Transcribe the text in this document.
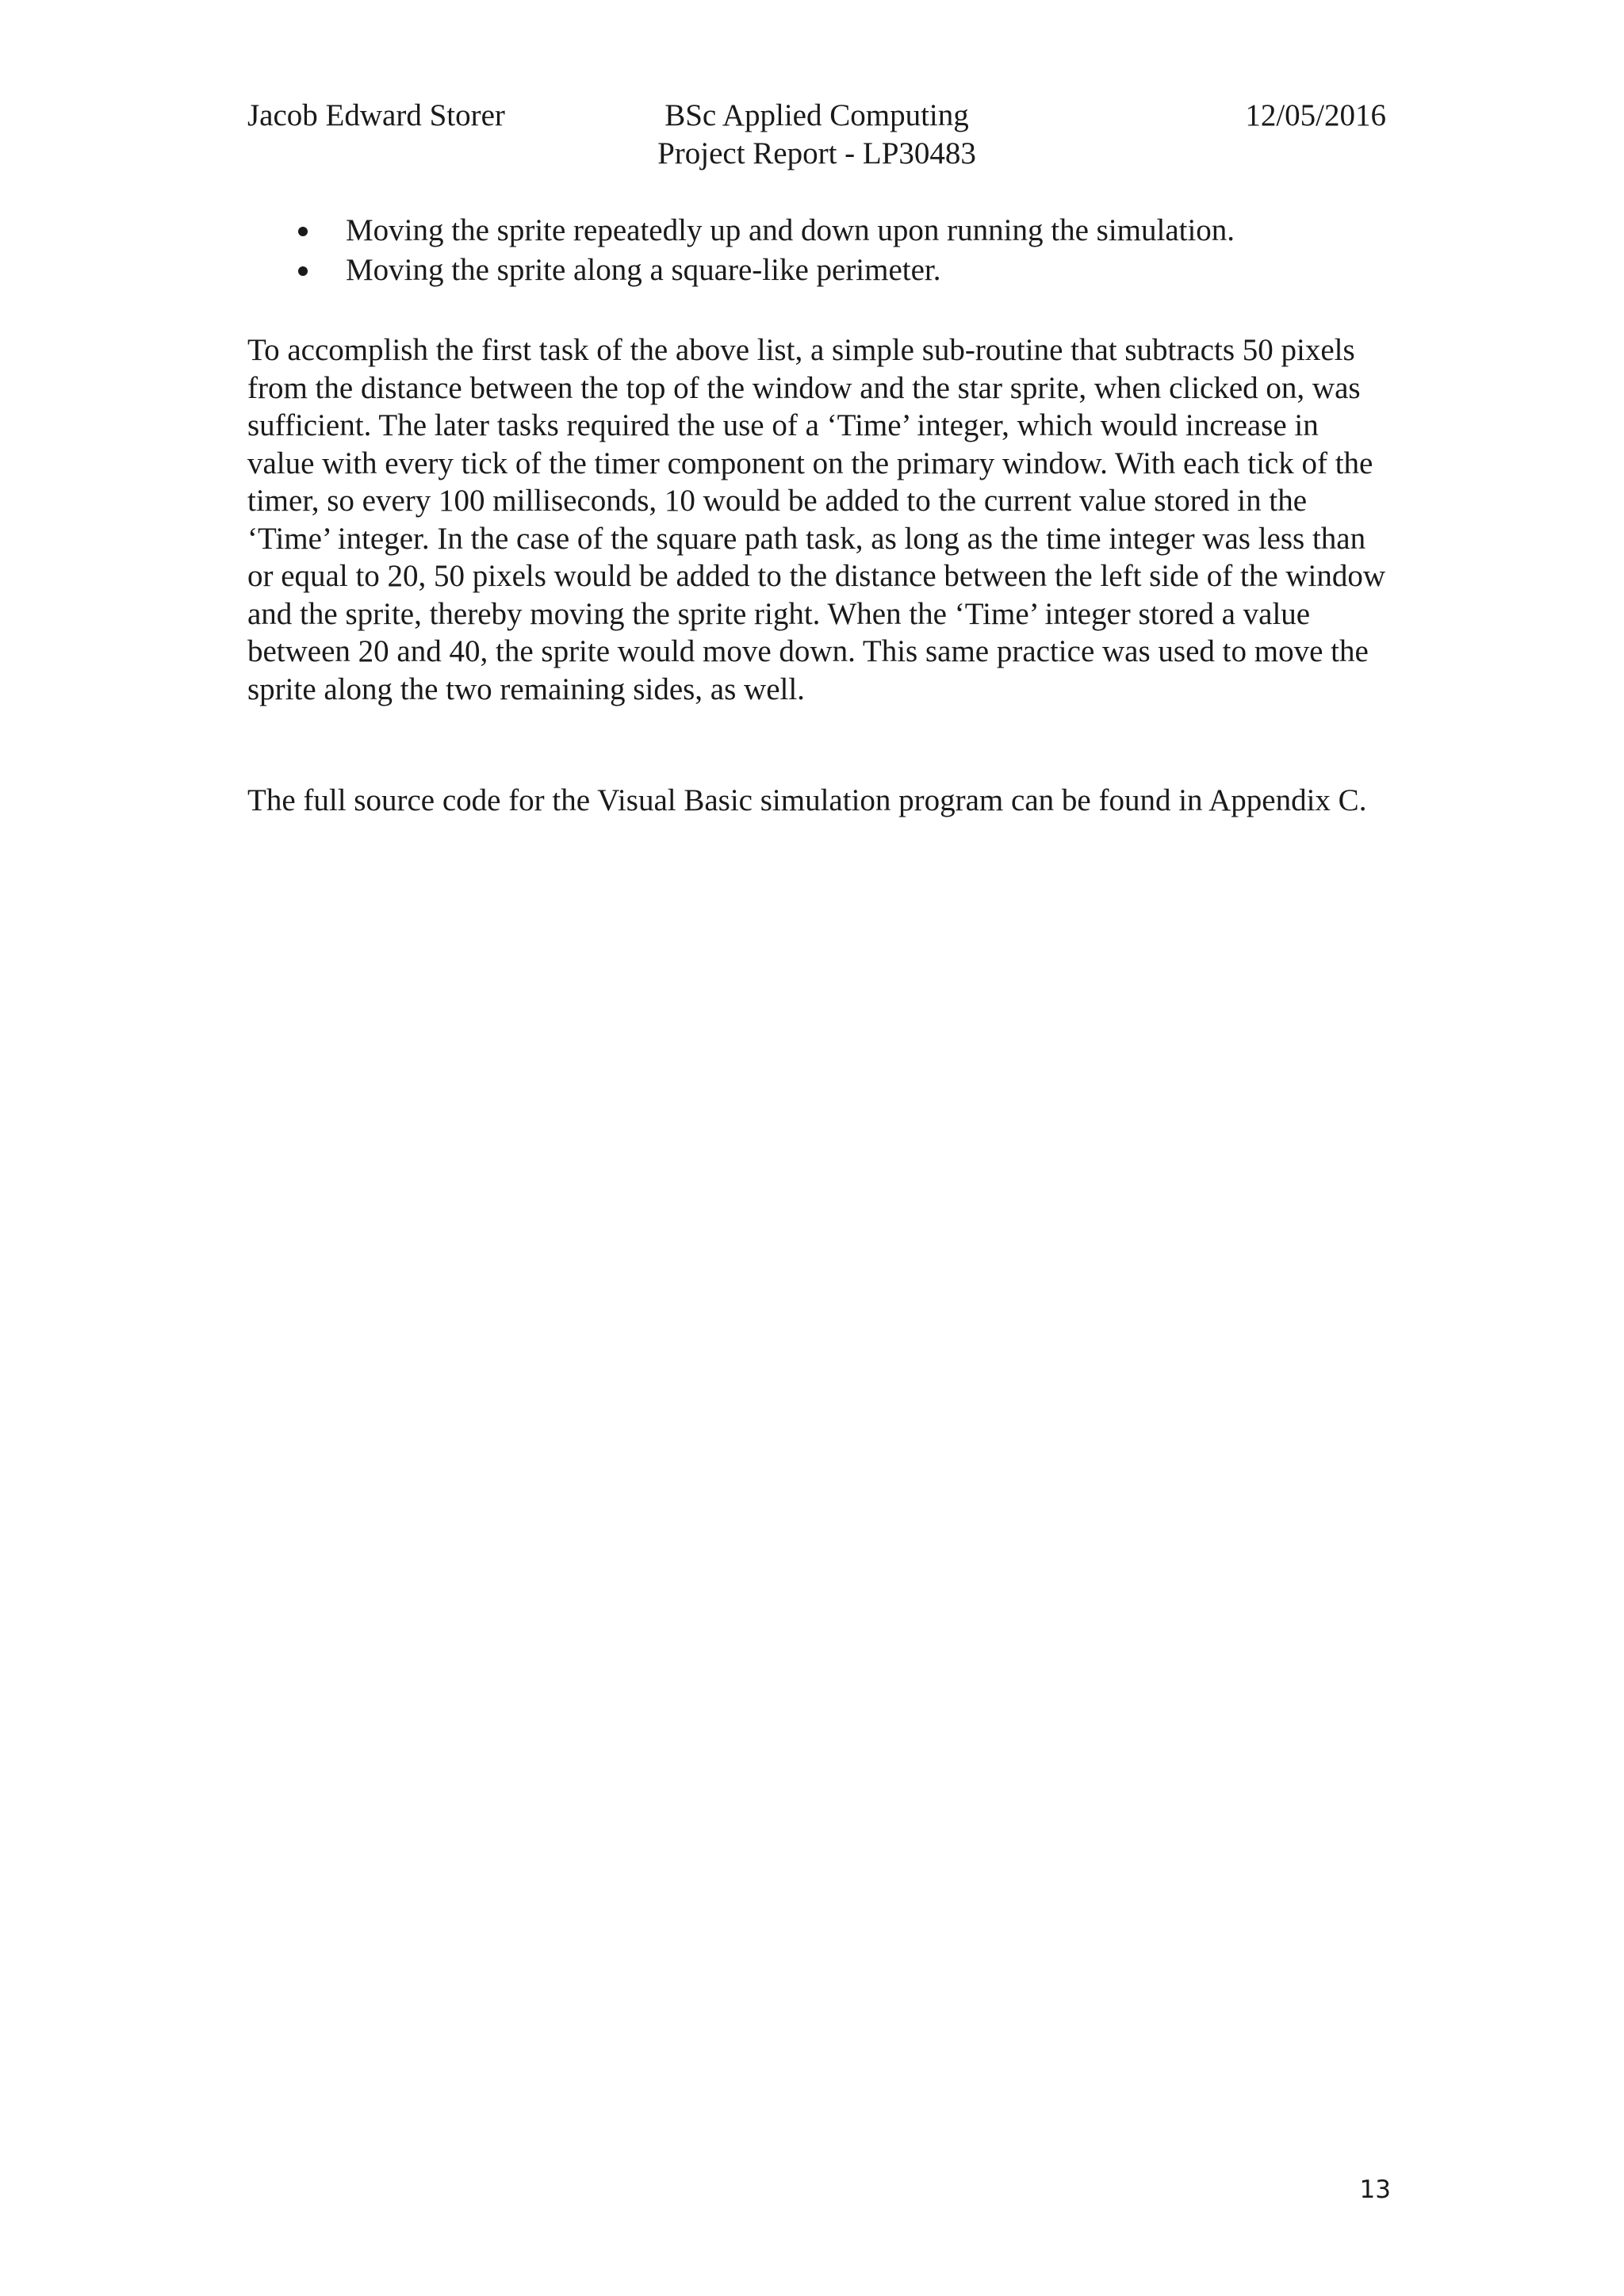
Jacob Edward Storer	BSc Applied Computing
Project Report - LP30483
12/05/2016
Moving the sprite repeatedly up and down upon running the simulation.
Moving the sprite along a square-like perimeter.

To accomplish the first task of the above list, a simple sub-routine that subtracts 50 pixels from the distance between the top of the window and the star sprite, when clicked on, was sufficient. The later tasks required the use of a ‘Time’ integer, which would increase in value with every tick of the timer component on the primary window. With each tick of the timer, so every 100 milliseconds, 10 would be added to the current value stored in the ‘Time’ integer. In the case of the square path task, as long as the time integer was less than or equal to 20, 50 pixels would be added to the distance between the left side of the window and the sprite, thereby moving the sprite right. When the ‘Time’ integer stored a value between 20 and 40, the sprite would move down. This same practice was used to move the sprite along the two remaining sides, as well.

The full source code for the Visual Basic simulation program can be found in Appendix C.

13
